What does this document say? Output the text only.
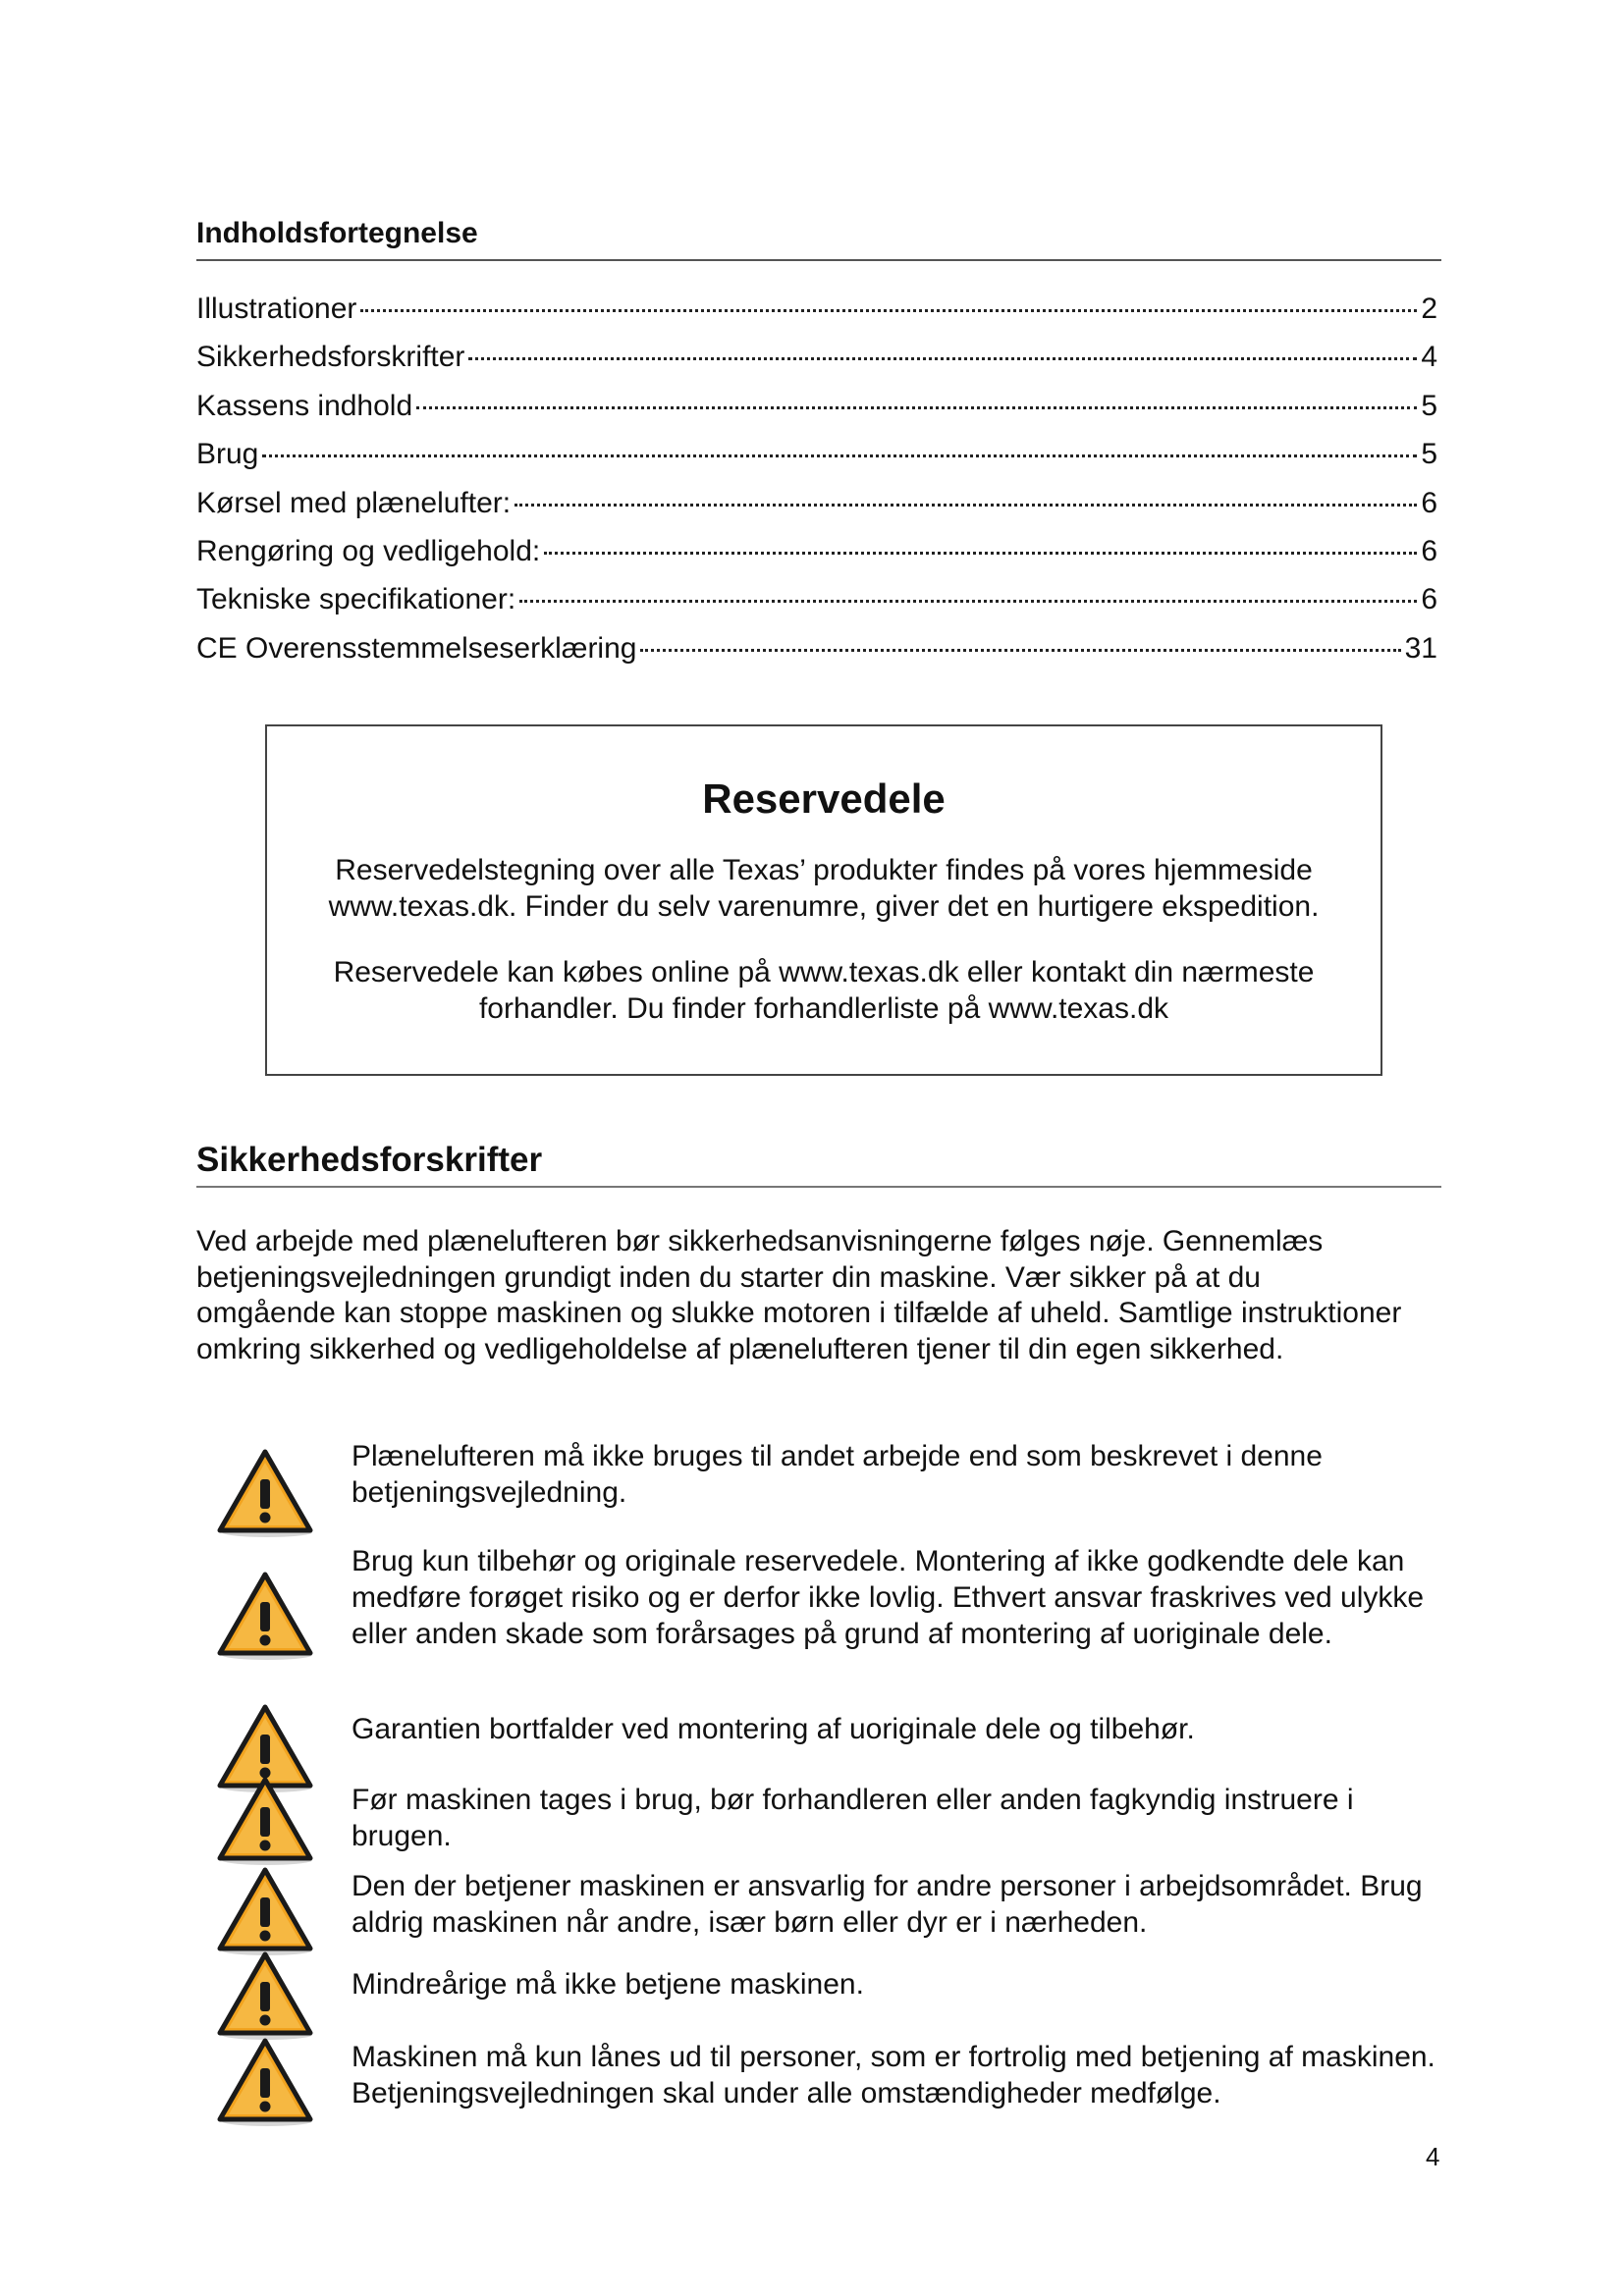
Indholdsfortegnelse
Illustrationer	2
Sikkerhedsforskrifter	4
Kassens indhold	5
Brug	5
Kørsel med plænelufter:	6
Rengøring og vedligehold:	6
Tekniske specifikationer:	6
CE Overensstemmelseserklæring	31
Reservedele
Reservedelstegning over alle Texas’ produkter findes på vores hjemmeside
www.texas.dk. Finder du selv varenumre, giver det en hurtigere ekspedition.
Reservedele kan købes online på www.texas.dk eller kontakt din nærmeste
forhandler. Du finder forhandlerliste på www.texas.dk
Sikkerhedsforskrifter

Ved arbejde med plænelufteren bør sikkerhedsanvisningerne følges nøje. Gennemlæs betjeningsvejledningen grundigt inden du starter din maskine. Vær sikker på at du omgående kan stoppe maskinen og slukke motoren i tilfælde af uheld. Samtlige instruktioner omkring sikkerhed og vedligeholdelse af plænelufteren tjener til din egen sikkerhed.

Plænelufteren må ikke bruges til andet arbejde end som beskrevet i denne betjeningsvejledning.

Brug kun tilbehør og originale reservedele. Montering af ikke godkendte dele kan medføre forøget risiko og er derfor ikke lovlig. Ethvert ansvar fraskrives ved ulykke eller anden skade som forårsages på grund af montering af uoriginale dele.

Garantien bortfalder ved montering af uoriginale dele og tilbehør.

Før maskinen tages i brug, bør forhandleren eller anden fagkyndig instruere i brugen.

Den der betjener maskinen er ansvarlig for andre personer i arbejdsområdet. Brug aldrig maskinen når andre, især børn eller dyr er i nærheden.

Mindreårige må ikke betjene maskinen.

Maskinen må kun lånes ud til personer, som er fortrolig med betjening af maskinen. Betjeningsvejledningen skal under alle omstændigheder medfølge.

4
